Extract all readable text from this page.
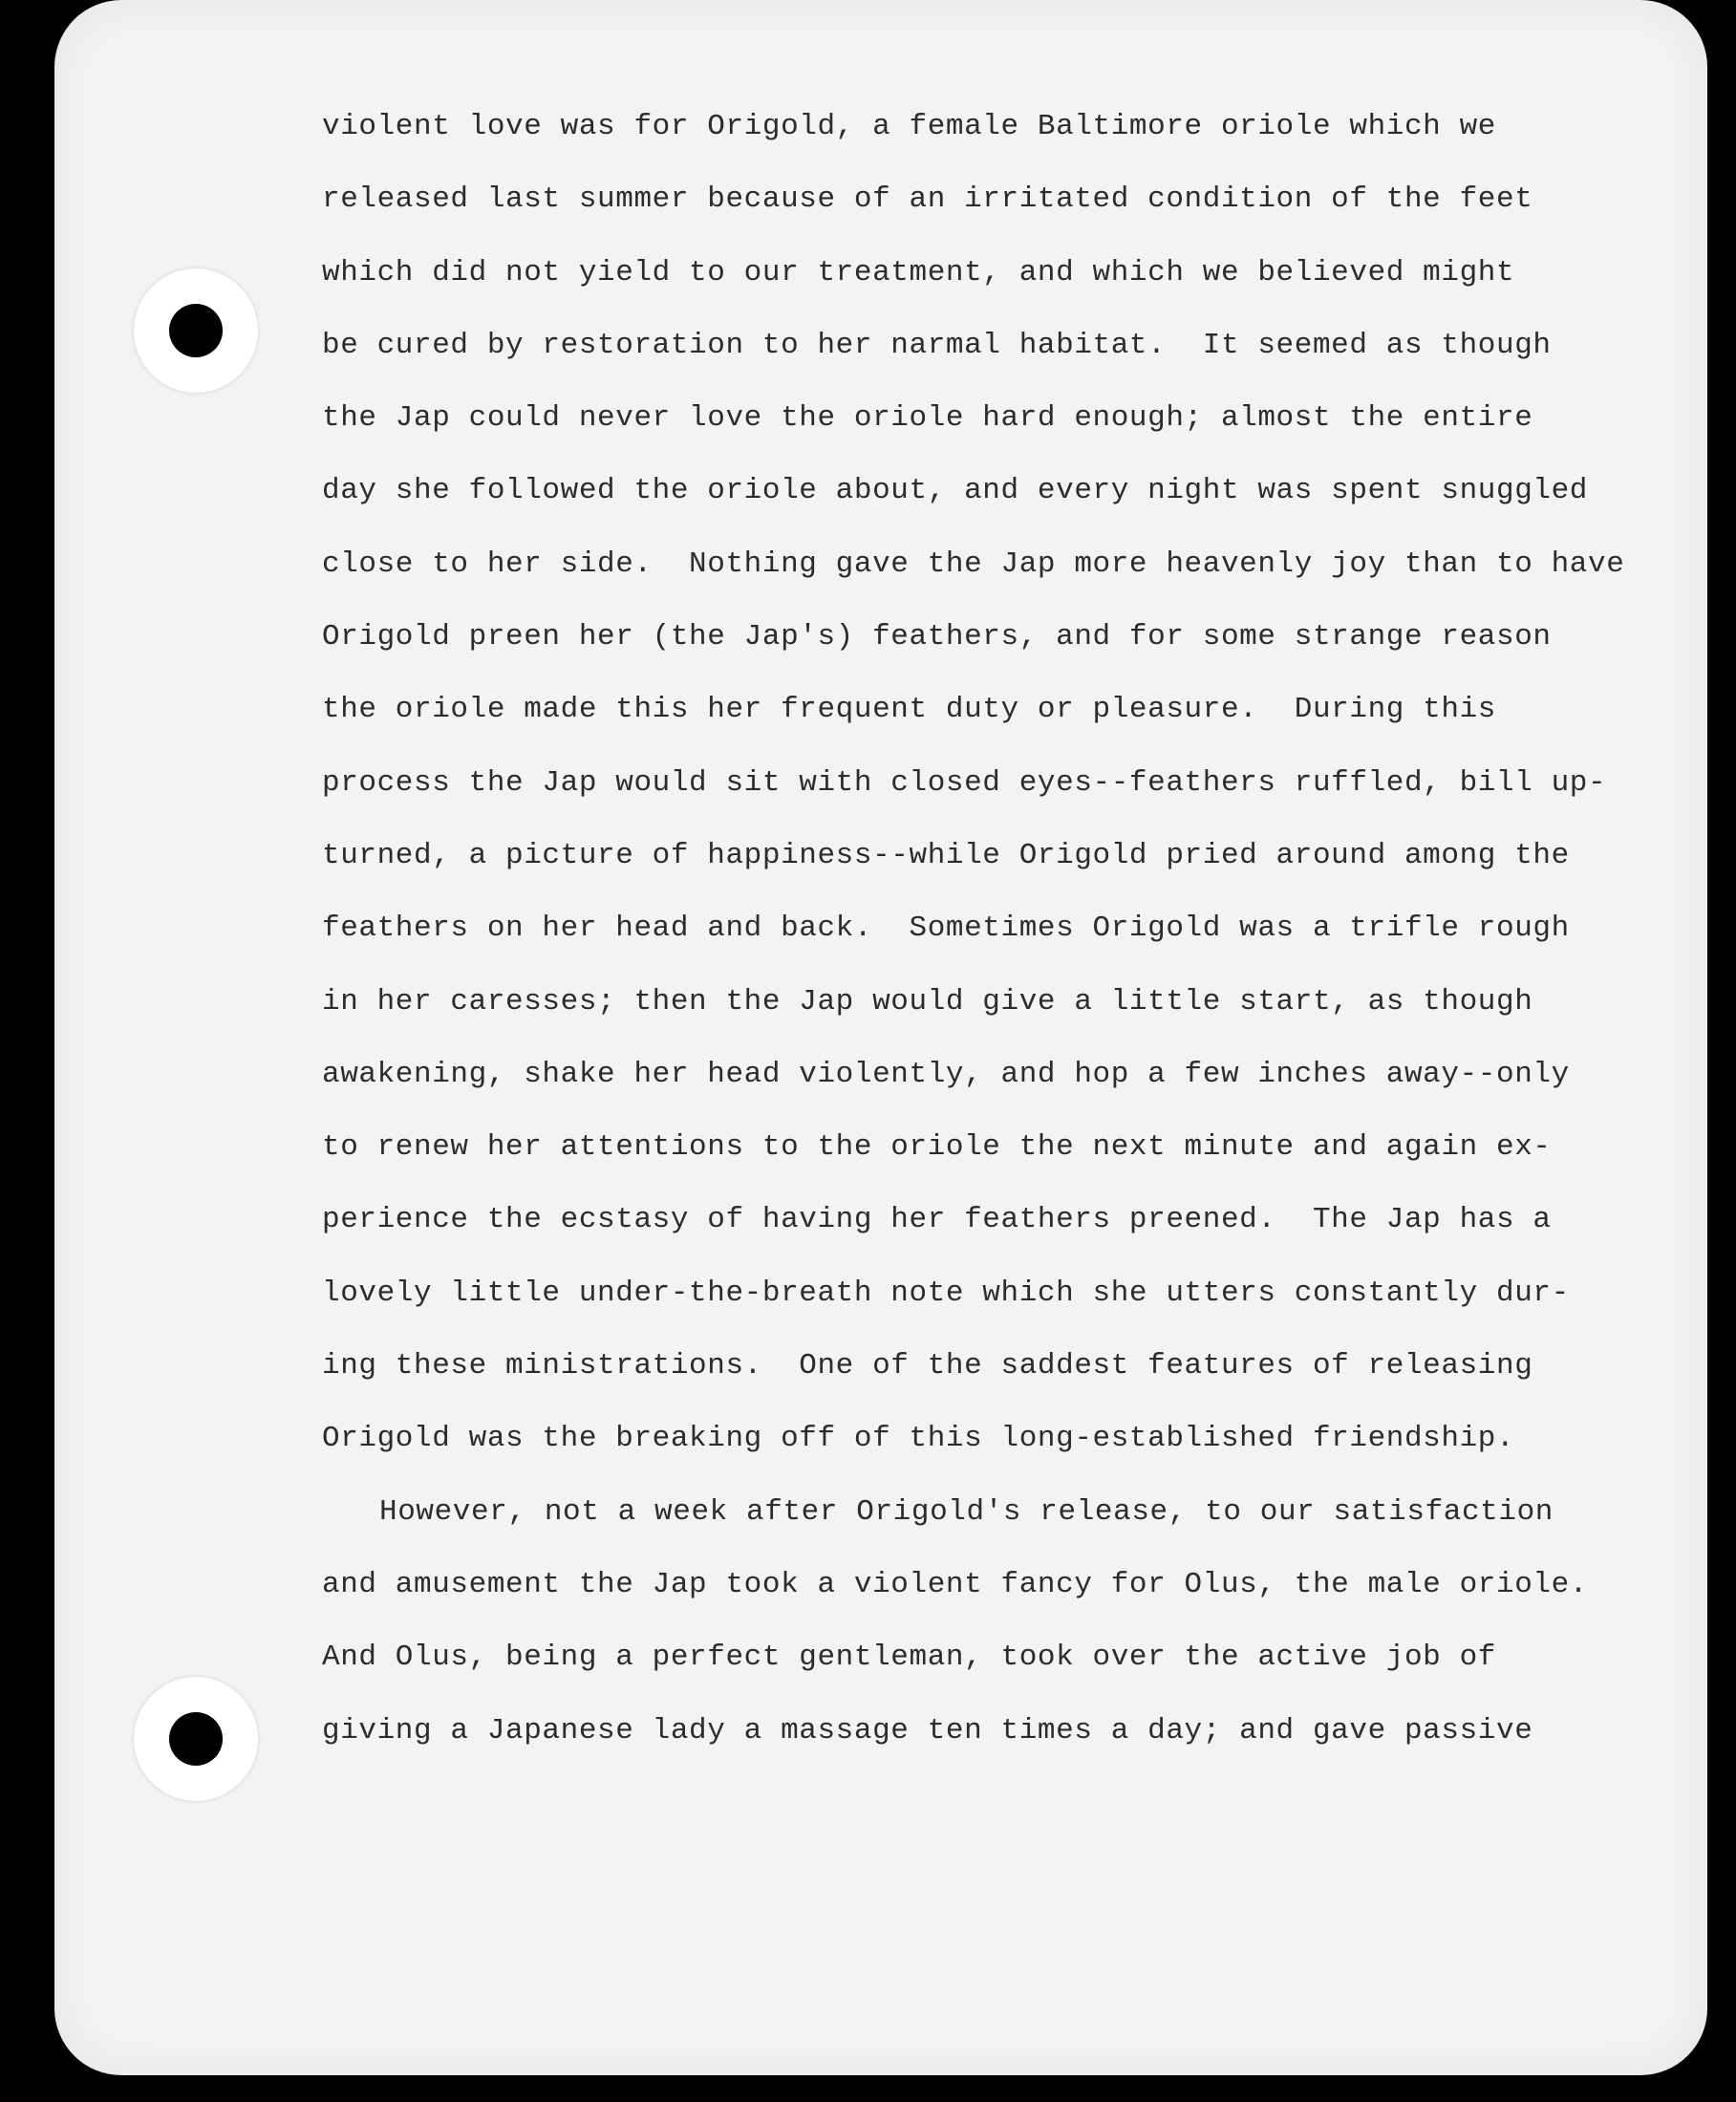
violent love was for Origold, a female Baltimore oriole which we
released last summer because of an irritated condition of the feet
which did not yield to our treatment, and which we believed might
be cured by restoration to her narmal habitat.  It seemed as though
the Jap could never love the oriole hard enough; almost the entire
day she followed the oriole about, and every night was spent snuggled
close to her side.  Nothing gave the Jap more heavenly joy than to have
Origold preen her (the Jap's) feathers, and for some strange reason
the oriole made this her frequent duty or pleasure.  During this
process the Jap would sit with closed eyes--feathers ruffled, bill up-
turned, a picture of happiness--while Origold pried around among the
feathers on her head and back.  Sometimes Origold was a trifle rough
in her caresses; then the Jap would give a little start, as though
awakening, shake her head violently, and hop a few inches away--only
to renew her attentions to the oriole the next minute and again ex-
perience the ecstasy of having her feathers preened.  The Jap has a
lovely little under-the-breath note which she utters constantly dur-
ing these ministrations.  One of the saddest features of releasing
Origold was the breaking off of this long-established friendship.
However, not a week after Origold's release, to our satisfaction
and amusement the Jap took a violent fancy for Olus, the male oriole.
And Olus, being a perfect gentleman, took over the active job of
giving a Japanese lady a massage ten times a day; and gave passive
